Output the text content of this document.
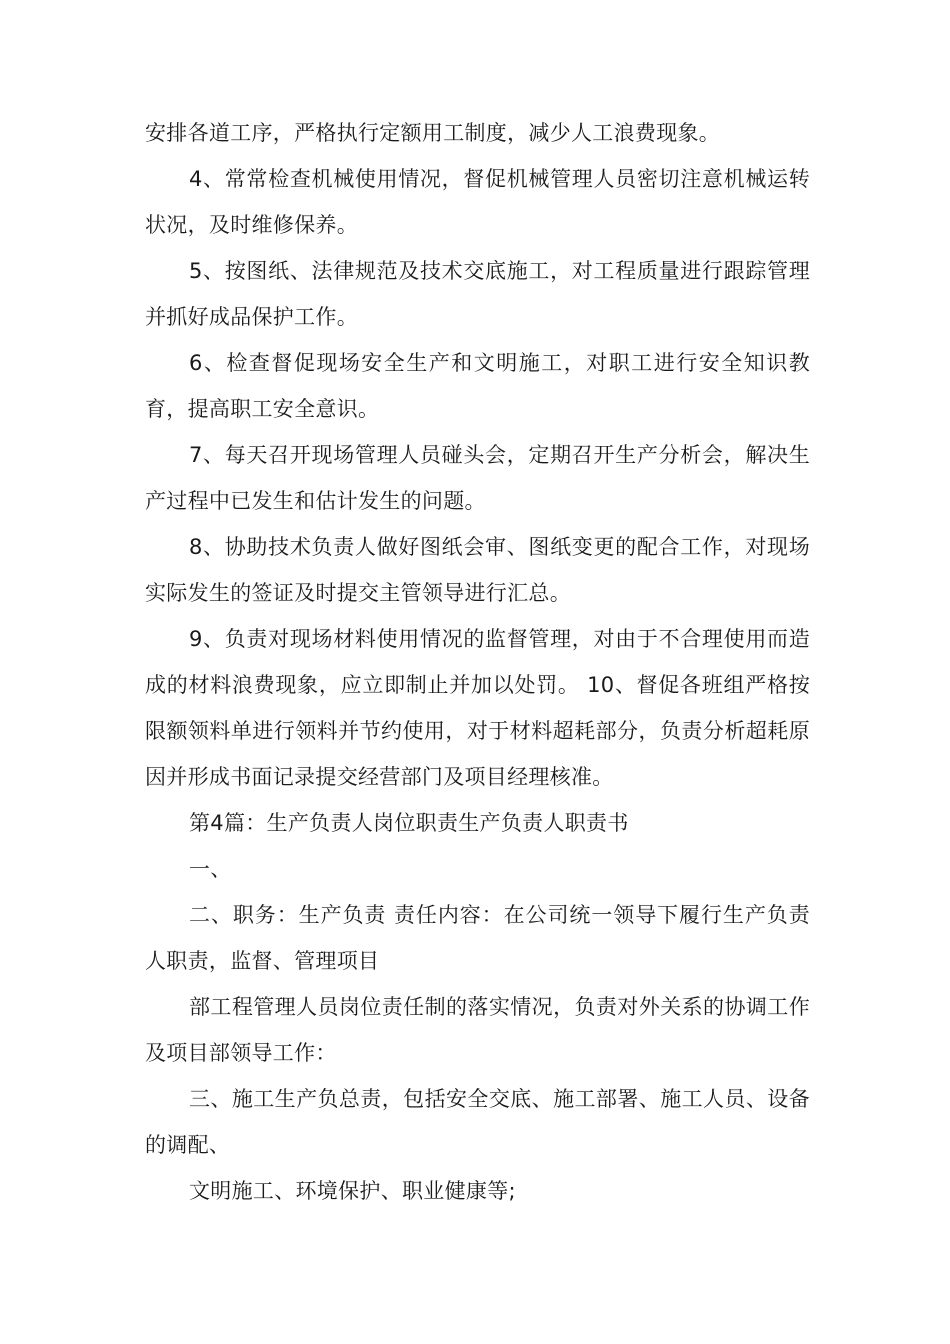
安排各道工序，严格执行定额用工制度，减少人工浪费现象。

4、常常检查机械使用情况，督促机械管理人员密切注意机械运转状况，及时维修保养。

5、按图纸、法律规范及技术交底施工，对工程质量进行跟踪管理并抓好成品保护工作。

6、检查督促现场安全生产和文明施工，对职工进行安全知识教育，提高职工安全意识。

7、每天召开现场管理人员碰头会，定期召开生产分析会，解决生产过程中已发生和估计发生的问题。

8、协助技术负责人做好图纸会审、图纸变更的配合工作，对现场实际发生的签证及时提交主管领导进行汇总。

9、负责对现场材料使用情况的监督管理，对由于不合理使用而造成的材料浪费现象，应立即制止并加以处罚。 10、督促各班组严格按限额领料单进行领料并节约使用，对于材料超耗部分，负责分析超耗原因并形成书面记录提交经营部门及项目经理核准。

第4篇：生产负责人岗位职责生产负责人职责书

一、

二、职务：生产负责 责任内容：在公司统一领导下履行生产负责人职责，监督、管理项目

部工程管理人员岗位责任制的落实情况，负责对外关系的协调工作及项目部领导工作：

三、施工生产负总责，包括安全交底、施工部署、施工人员、设备的调配、

文明施工、环境保护、职业健康等;
